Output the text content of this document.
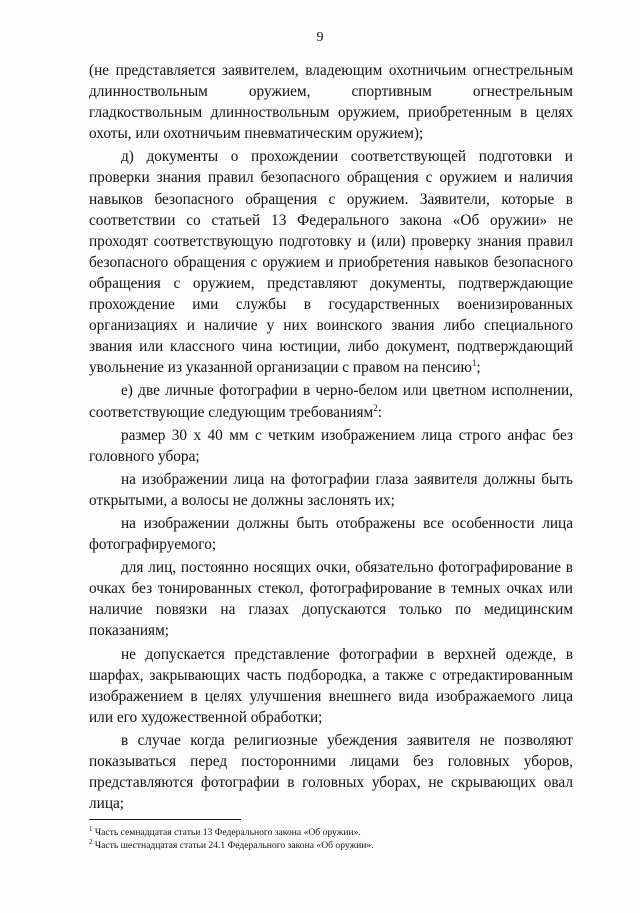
9

(не представляется заявителем, владеющим охотничьим огнестрельным длинноствольным оружием, спортивным огнестрельным гладкоствольным длинноствольным оружием, приобретенным в целях охоты, или охотничьим пневматическим оружием);

д) документы о прохождении соответствующей подготовки и проверки знания правил безопасного обращения с оружием и наличия навыков безопасного обращения с оружием. Заявители, которые в соответствии со статьей 13 Федерального закона «Об оружии» не проходят соответствующую подготовку и (или) проверку знания правил безопасного обращения с оружием и приобретения навыков безопасного обращения с оружием, представляют документы, подтверждающие прохождение ими службы в государственных военизированных организациях и наличие у них воинского звания либо специального звания или классного чина юстиции, либо документ, подтверждающий увольнение из указанной организации с правом на пенсию$^1$;

е) две личные фотографии в черно-белом или цветном исполнении, соответствующие следующим требованиям$^2$:

размер 30 х 40 мм с четким изображением лица строго анфас без головного убора;

на изображении лица на фотографии глаза заявителя должны быть открытыми, а волосы не должны заслонять их;

на изображении должны быть отображены все особенности лица фотографируемого;

для лиц, постоянно носящих очки, обязательно фотографирование в очках без тонированных стекол, фотографирование в темных очках или наличие повязки на глазах допускаются только по медицинским показаниям;

не допускается представление фотографии в верхней одежде, в шарфах, закрывающих часть подбородка, а также с отредактированным изображением в целях улучшения внешнего вида изображаемого лица или его художественной обработки;

в случае когда религиозные убеждения заявителя не позволяют показываться перед посторонними лицами без головных уборов, представляются фотографии в головных уборах, не скрывающих овал лица;

$^1$ Часть семнадцатая статьи 13 Федерального закона «Об оружии».

$^2$ Часть шестнадцатая статьи 24.1 Федерального закона «Об оружии».
